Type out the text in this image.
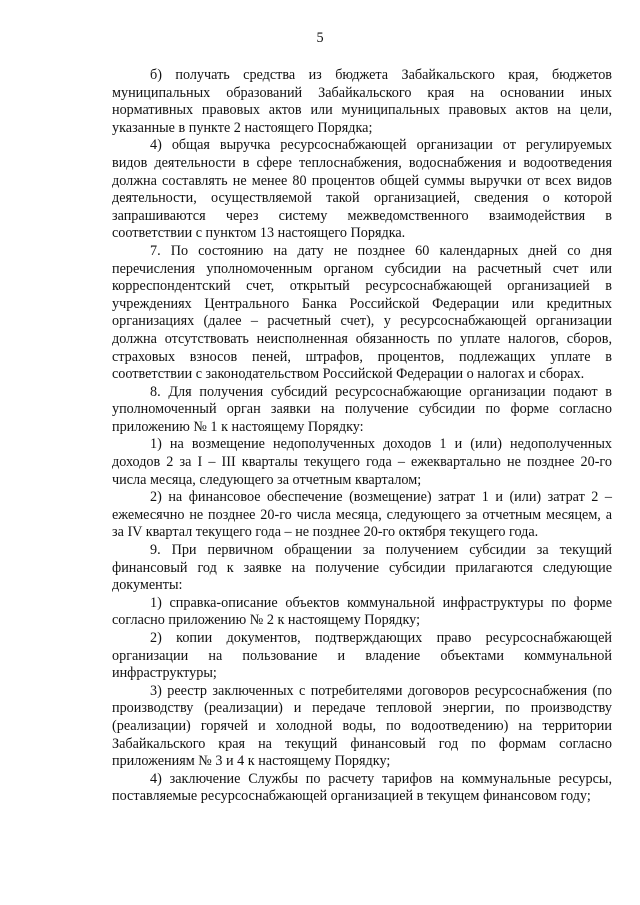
5

б) получать средства из бюджета Забайкальского края, бюджетов муниципальных образований Забайкальского края на основании иных нормативных правовых актов или муниципальных правовых актов на цели, указанные в пункте 2 настоящего Порядка;

4) общая выручка ресурсоснабжающей организации от регулируемых видов деятельности в сфере теплоснабжения, водоснабжения и водоотведения должна составлять не менее 80 процентов общей суммы выручки от всех видов деятельности, осуществляемой такой организацией, сведения о которой запрашиваются через систему межведомственного взаимодействия в соответствии с пунктом 13 настоящего Порядка.

7. По состоянию на дату не позднее 60 календарных дней со дня перечисления уполномоченным органом субсидии на расчетный счет или корреспондентский счет, открытый ресурсоснабжающей организацией в учреждениях Центрального Банка Российской Федерации или кредитных организациях (далее – расчетный счет), у ресурсоснабжающей организации должна отсутствовать неисполненная обязанность по уплате налогов, сборов, страховых взносов пеней, штрафов, процентов, подлежащих уплате в соответствии с законодательством Российской Федерации о налогах и сборах.

8. Для получения субсидий ресурсоснабжающие организации подают в уполномоченный орган заявки на получение субсидии по форме согласно приложению № 1 к настоящему Порядку:

1) на возмещение недополученных доходов 1 и (или) недополученных доходов 2 за I – III кварталы текущего года – ежеквартально не позднее 20-го числа месяца, следующего за отчетным кварталом;

2) на финансовое обеспечение (возмещение) затрат 1 и (или) затрат 2 – ежемесячно не позднее 20-го числа месяца, следующего за отчетным месяцем, а за IV квартал текущего года – не позднее 20-го октября текущего года.

9. При первичном обращении за получением субсидии за текущий финансовый год к заявке на получение субсидии прилагаются следующие документы:

1) справка-описание объектов коммунальной инфраструктуры по форме согласно приложению № 2 к настоящему Порядку;

2) копии документов, подтверждающих право ресурсоснабжающей организации на пользование и владение объектами коммунальной инфраструктуры;

3) реестр заключенных с потребителями договоров ресурсоснабжения (по производству (реализации) и передаче тепловой энергии, по производству (реализации) горячей и холодной воды, по водоотведению) на территории Забайкальского края на текущий финансовый год по формам согласно приложениям № 3 и 4 к настоящему Порядку;

4) заключение Службы по расчету тарифов на коммунальные ресурсы, поставляемые ресурсоснабжающей организацией в текущем финансовом году;
